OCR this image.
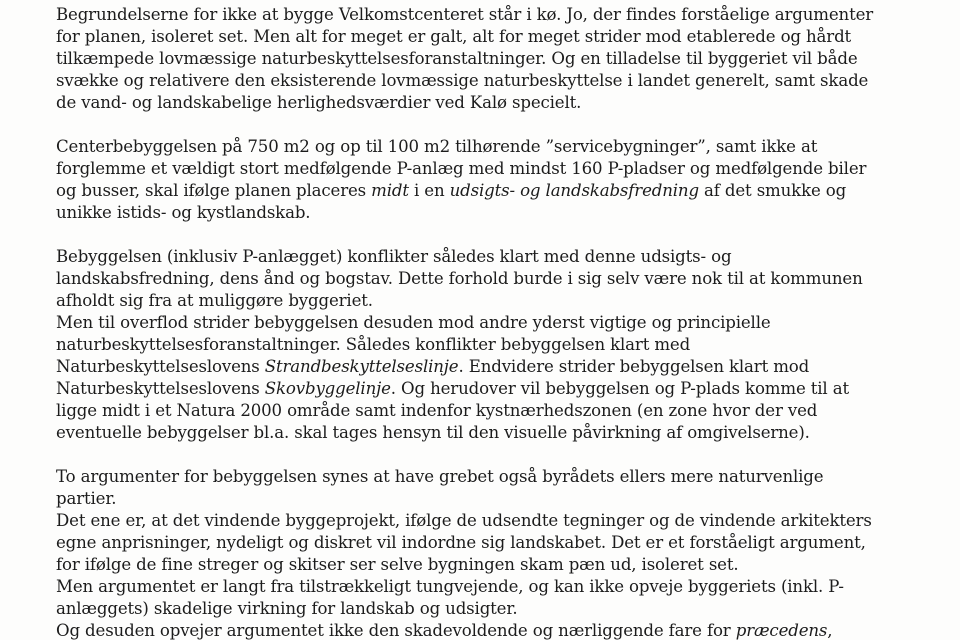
Begrundelserne for ikke at bygge Velkomstcenteret står i kø. Jo, der findes forståelige argumenter
for planen, isoleret set. Men alt for meget er galt, alt for meget strider mod etablerede og hårdt
tilkæmpede lovmæssige naturbeskyttelsesforanstaltninger. Og en tilladelse til byggeriet vil både
svække og relativere den eksisterende lovmæssige naturbeskyttelse i landet generelt, samt skade
de vand- og landskabelige herlighedsværdier ved Kalø specielt.

Centerbebyggelsen på 750 m2 og op til 100 m2 tilhørende ”servicebygninger”, samt ikke at
forglemme et vældigt stort medfølgende P-anlæg med mindst 160 P-pladser og medfølgende biler
og busser, skal ifølge planen placeres midt i en udsigts- og landskabsfredning af det smukke og
unikke istids- og kystlandskab.

Bebyggelsen (inklusiv P-anlægget) konflikter således klart med denne udsigts- og
landskabsfredning, dens ånd og bogstav. Dette forhold burde i sig selv være nok til at kommunen
afholdt sig fra at muliggøre byggeriet.
Men til overflod strider bebyggelsen desuden mod andre yderst vigtige og principielle
naturbeskyttelsesforanstaltninger. Således konflikter bebyggelsen klart med
Naturbeskyttelseslovens Strandbeskyttelseslinje. Endvidere strider bebyggelsen klart mod
Naturbeskyttelseslovens Skovbyggelinje. Og herudover vil bebyggelsen og P-plads komme til at
ligge midt i et Natura 2000 område samt indenfor kystnærhedszonen (en zone hvor der ved
eventuelle bebyggelser bl.a. skal tages hensyn til den visuelle påvirkning af omgivelserne).

To argumenter for bebyggelsen synes at have grebet også byrådets ellers mere naturvenlige
partier.
Det ene er, at det vindende byggeprojekt, ifølge de udsendte tegninger og de vindende arkitekters
egne anprisninger, nydeligt og diskret vil indordne sig landskabet. Det er et forståeligt argument,
for ifølge de fine streger og skitser ser selve bygningen skam pæn ud, isoleret set.
Men argumentet er langt fra tilstrækkeligt tungvejende, og kan ikke opveje byggeriets (inkl. P-
anlæggets) skadelige virkning for landskab og udsigter.
Og desuden opvejer argumentet ikke den skadevoldende og nærliggende fare for præcedens,
